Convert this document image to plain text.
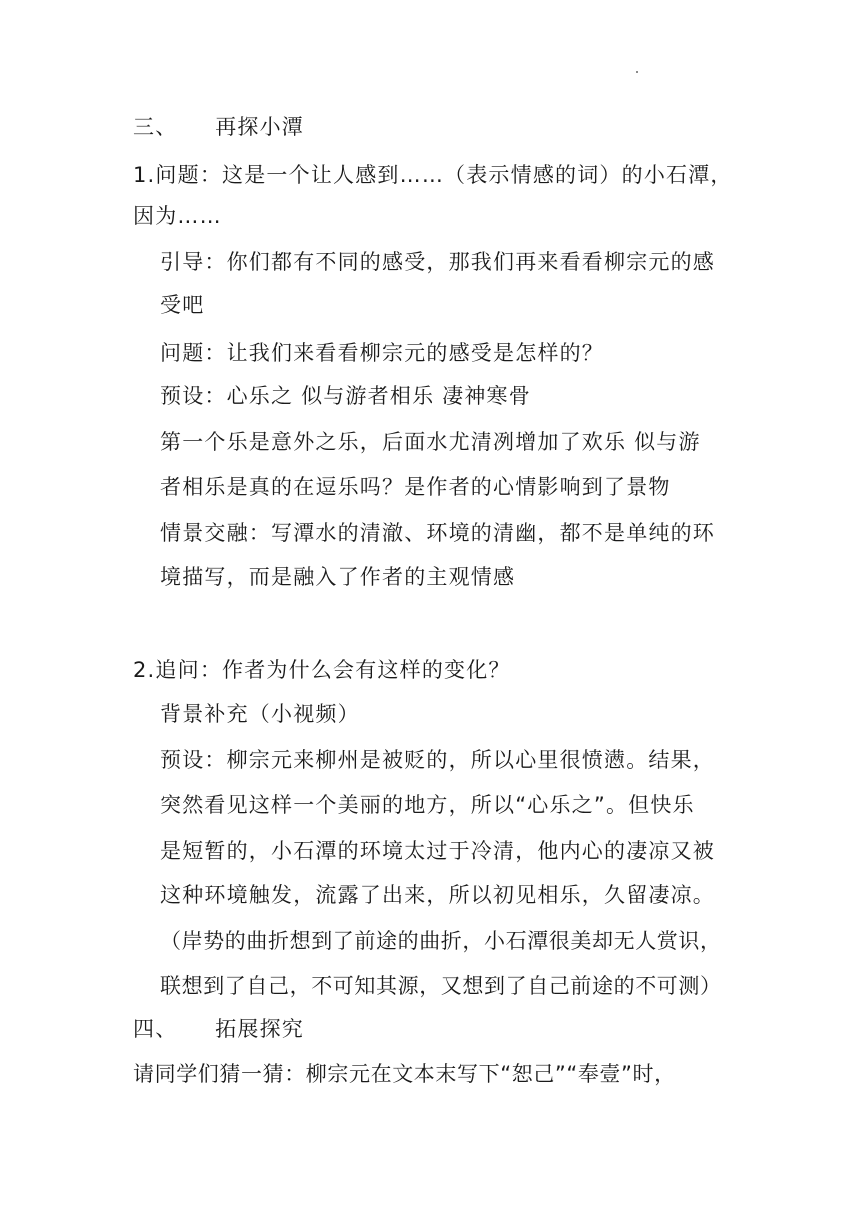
三、 再探小潭
1.问题：这是一个让人感到……（表示情感的词）的小石潭，
因为……
引导：你们都有不同的感受，那我们再来看看柳宗元的感
受吧
问题：让我们来看看柳宗元的感受是怎样的？
预设：心乐之 似与游者相乐 凄神寒骨
第一个乐是意外之乐，后面水尤清冽增加了欢乐 似与游
者相乐是真的在逗乐吗？是作者的心情影响到了景物
情景交融：写潭水的清澈、环境的清幽，都不是单纯的环
境描写，而是融入了作者的主观情感
2.追问：作者为什么会有这样的变化？
背景补充（小视频）
预设：柳宗元来柳州是被贬的，所以心里很愤懑。结果，
突然看见这样一个美丽的地方，所以“心乐之”。但快乐
是短暂的，小石潭的环境太过于冷清，他内心的凄凉又被
这种环境触发，流露了出来，所以初见相乐，久留凄凉。
（岸势的曲折想到了前途的曲折，小石潭很美却无人赏识，
联想到了自己，不可知其源，又想到了自己前途的不可测）
四、 拓展探究
请同学们猜一猜：柳宗元在文本末写下“恕己”“奉壹”时，
